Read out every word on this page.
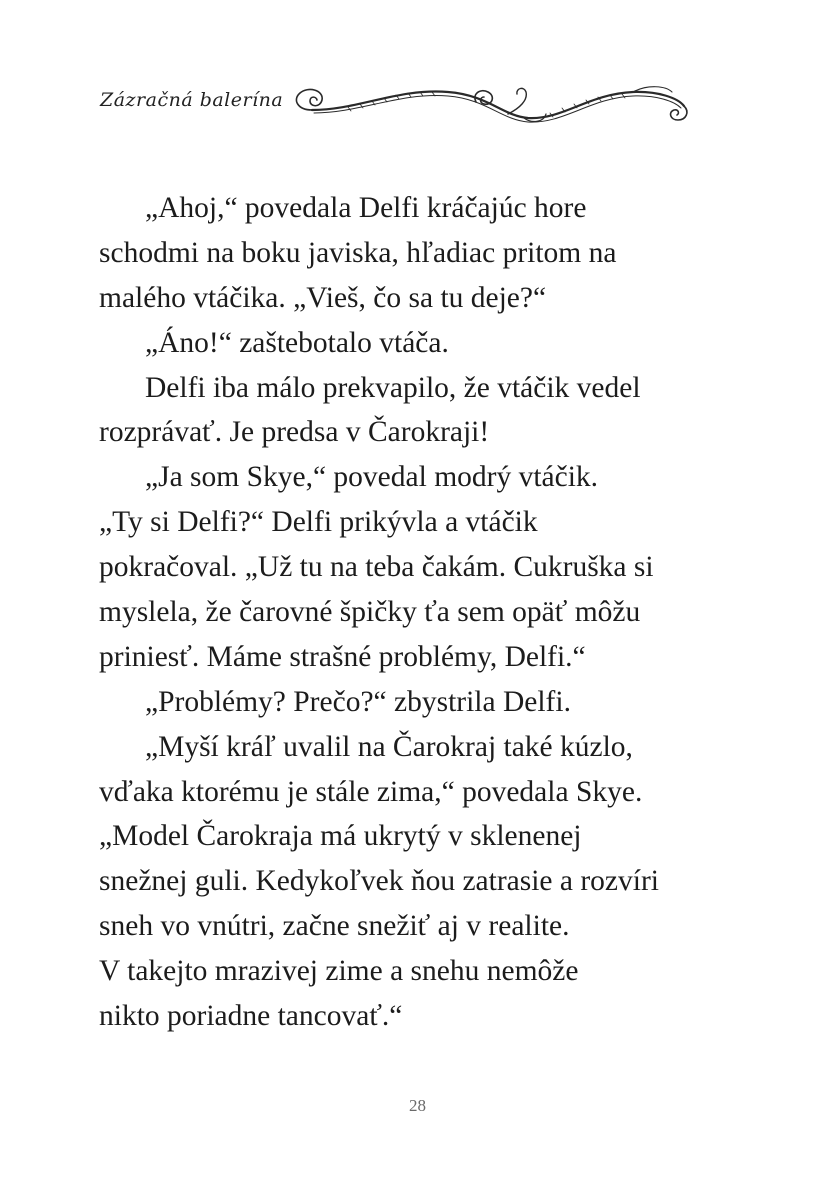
Zázračná balerína
„Ahoj,“ povedala Delfi kráčajúc hore
schodmi na boku javiska, hľadiac pritom na
malého vtáčika. „Vieš, čo sa tu deje?“
„Áno!“ zaštebotalo vtáča.
Delfi iba málo prekvapilo, že vtáčik vedel
rozprávať. Je predsa v Čarokraji!
„Ja som Skye,“ povedal modrý vtáčik.
„Ty si Delfi?“ Delfi prikývla a vtáčik
pokračoval. „Už tu na teba čakám. Cukruška si
myslela, že čarovné špičky ťa sem opäť môžu
priniesť. Máme strašné problémy, Delfi.“
„Problémy? Prečo?“ zbystrila Delfi.
„Myší kráľ uvalil na Čarokraj také kúzlo,
vďaka ktorému je stále zima,“ povedala Skye.
„Model Čarokraja má ukrytý v sklenenej
snežnej guli. Kedykoľvek ňou zatrasie a rozvíri
sneh vo vnútri, začne snežiť aj v realite.
V takejto mrazivej zime a snehu nemôže
nikto poriadne tancovať.“
28
